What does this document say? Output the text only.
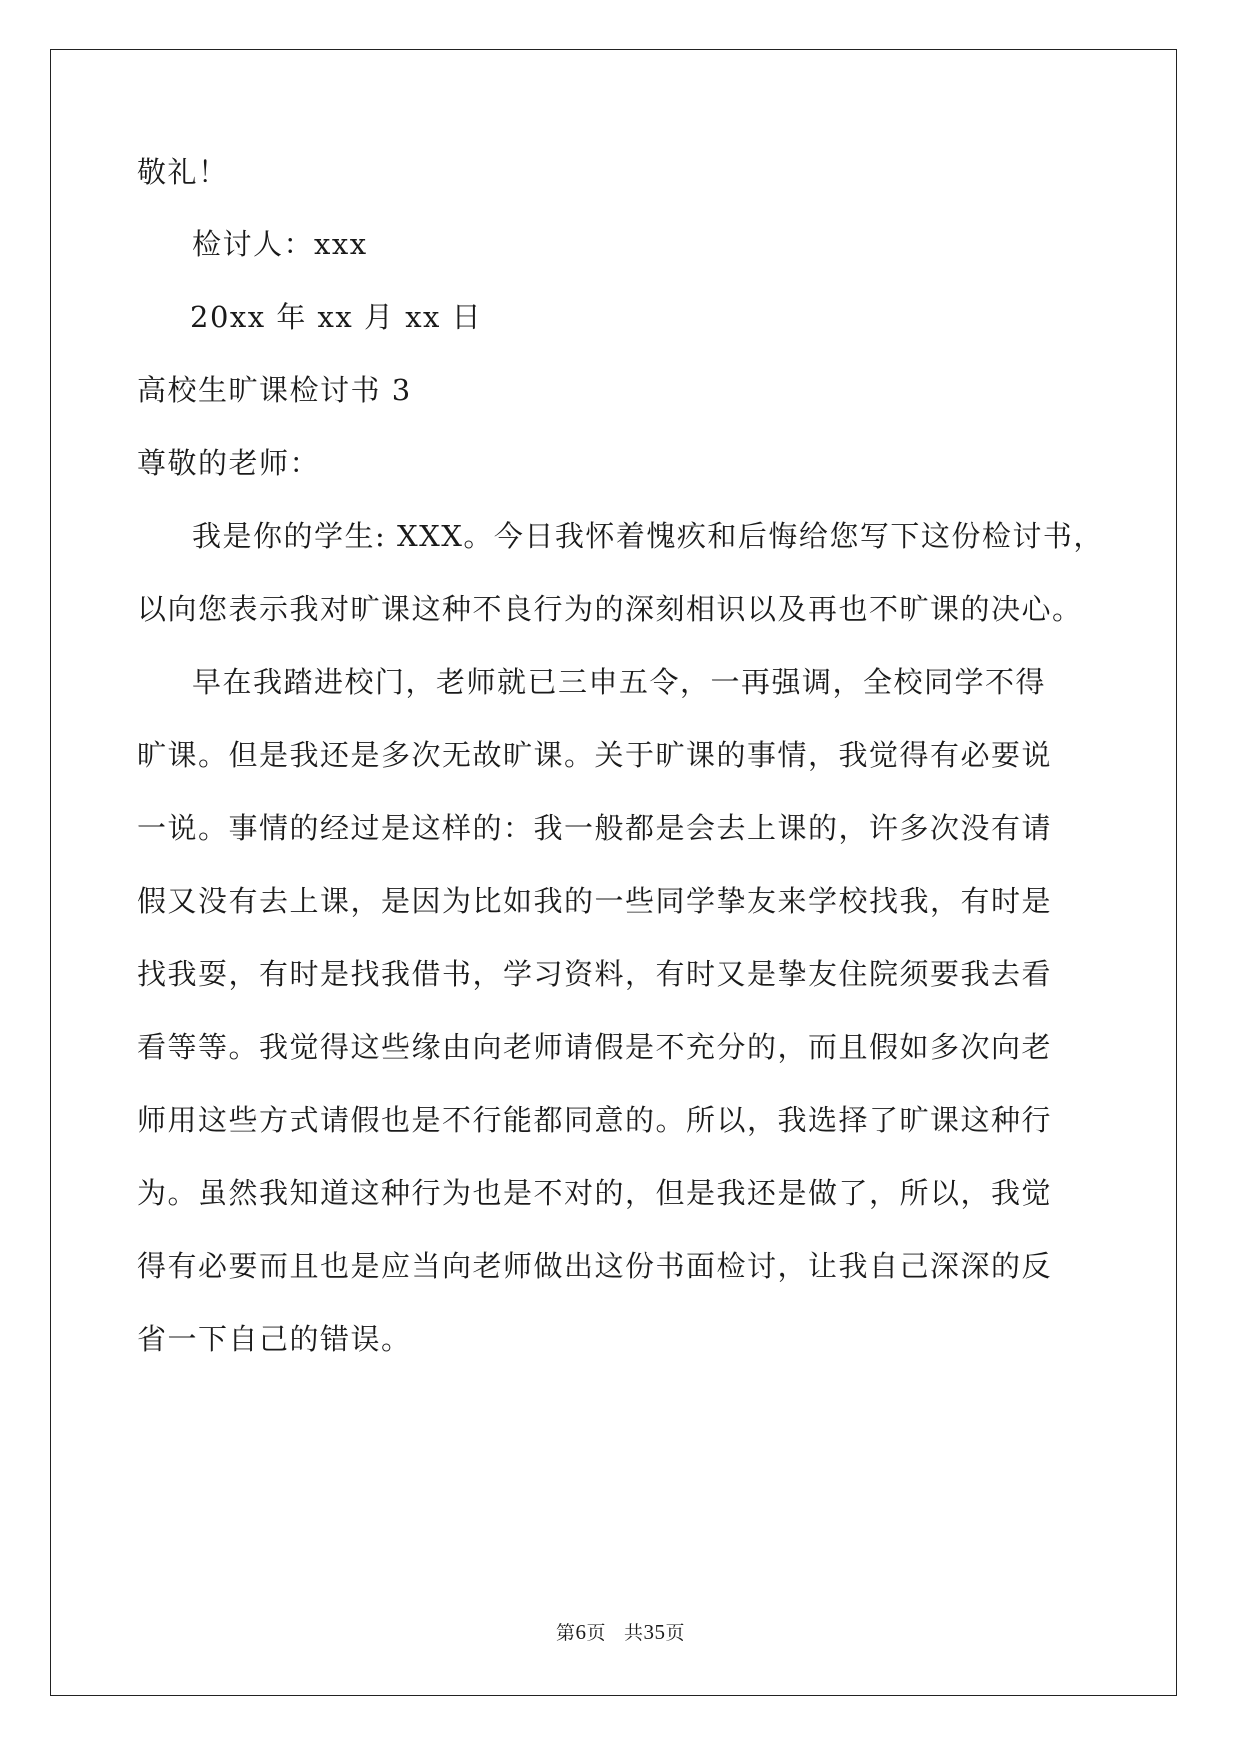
敬礼！
检讨人：xxx
20xx 年 xx 月 xx 日
高校生旷课检讨书 3
尊敬的老师：
我是你的学生: XXX。今日我怀着愧疚和后悔给您写下这份检讨书，
以向您表示我对旷课这种不良行为的深刻相识以及再也不旷课的决心。
早在我踏进校门，老师就已三申五令，一再强调，全校同学不得
旷课。但是我还是多次无故旷课。关于旷课的事情，我觉得有必要说
一说。事情的经过是这样的：我一般都是会去上课的，许多次没有请
假又没有去上课，是因为比如我的一些同学挚友来学校找我，有时是
找我耍，有时是找我借书，学习资料，有时又是挚友住院须要我去看
看等等。我觉得这些缘由向老师请假是不充分的，而且假如多次向老
师用这些方式请假也是不行能都同意的。所以，我选择了旷课这种行
为。虽然我知道这种行为也是不对的，但是我还是做了，所以，我觉
得有必要而且也是应当向老师做出这份书面检讨，让我自己深深的反
省一下自己的错误。
第6页 共35页
